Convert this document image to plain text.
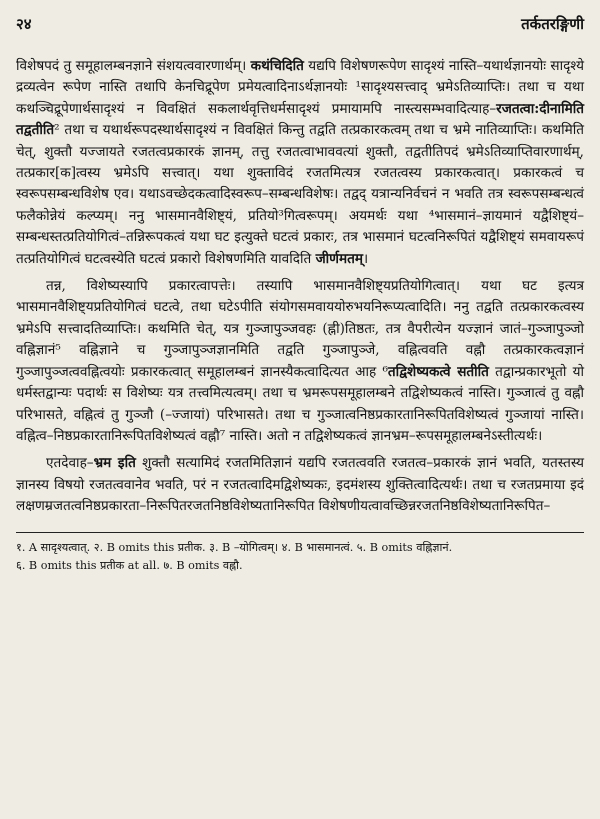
२४	तर्कतरङ्गिणी

विशेषपदं तु समूहालम्बनज्ञाने संशयत्ववारणार्थम्। कथंचिदिति यद्यपि विशेषणरूपेण सादृश्यं नास्ति–यथार्थज्ञानयोः सादृश्ये द्रव्यत्वेन रूपेण नास्ति तथापि केनचिद्रूपेण प्रमेयत्वादिनाऽर्थज्ञानयोः ¹सादृश्यसत्त्वाद् भ्रमेऽतिव्याप्तिः। तथा च यथा कथञ्चिद्रूपेणार्थसादृश्यं न विवक्षितं सकलार्थवृत्तिधर्मसादृश्यं प्रमायामपि नास्त्यसम्भवादित्याह–रजतत्वा:दीनामिति तद्वतीति² तथा च यथार्थरूपदस्थार्थसादृश्यं न विवक्षितं किन्तु तद्वति तत्प्रकारकत्वम् तथा च भ्रमे नातिव्याप्तिः। कथमिति चेत्, शुक्तौ यज्जायते रजतत्वप्रकारकं ज्ञानम्, तत्तु रजतत्वाभाववत्यां शुक्तौ, तद्वतीतिपदं भ्रमेऽतिव्याप्तिवारणार्थम्, तत्प्रकार[क]त्वस्य भ्रमेऽपि सत्त्वात्। यथा शुक्ताविदं रजतमित्यत्र रजतत्वस्य प्रकारकत्वात्। प्रकारकत्वं च स्वरूपसम्बन्धविशेष एव। यथाऽवच्छेदकत्वादिस्वरूप–सम्बन्धविशेषः। तद्वद् यत्रान्यनिर्वचनं न भवति तत्र स्वरूपसम्बन्धत्वं फलैकोन्नेयं कल्प्यम्। ननु भासमानवैशिष्ट्यं, प्रतियो³गित्वरूपम्। अयमर्थः यथा ⁴भासमानं–ज्ञायमानं यद्वैशिष्ट्यं–सम्बन्धस्तत्प्रतियोगित्वं–तन्निरूपकत्वं यथा घट इत्युक्ते घटत्वं प्रकारः, तत्र भासमानं घटत्वनिरूपितं यद्वैशिष्ट्यं समवायरूपं तत्प्रतियोगित्वं घटत्वस्येति घटत्वं प्रकारो विशेषणमिति यावदिति जीर्णमतम्।

तन्न, विशेष्यस्यापि प्रकारत्वापत्तेः। तस्यापि भासमानवैशिष्ट्यप्रतियोगित्वात्। यथा घट इत्यत्र भासमानवैशिष्ट्यप्रतियोगित्वं घटत्वे, तथा घटेऽपीति संयोगसमवाययोरुभयनिरूप्यत्वादिति। ननु तद्वति तत्प्रकारकत्वस्य भ्रमेऽपि सत्त्वादतिव्याप्तिः। कथमिति चेत्, यत्र गुञ्जापुञ्जवहः (ह्नी)तिष्ठतः, तत्र वैपरीत्येन यज्ज्ञानं जातं–गुञ्जापुञ्जो वह्निज्ञानं⁵ वह्निज्ञाने च गुञ्जापुञ्जज्ञानमिति तद्वति गुञ्जापुञ्जे, वह्नित्ववति वह्नौ तत्प्रकारकत्वज्ञानं गुञ्जापुञ्जत्ववह्नित्वयोः प्रकारकत्वात् समूहालम्बनं ज्ञानस्यैकत्वादित्यत आह ⁶तद्विशेष्यकत्वे सतीति तद्वान्प्रकारभूतो यो धर्मस्तद्वान्यः पदार्थः स विशेष्यः यत्र तत्त्वमित्यत्वम्। तथा च भ्रमरूपसमूहालम्बने तद्विशेष्यकत्वं नास्ति। गुञ्जात्वं तु वह्नौ परिभासते, वह्नित्वं तु गुञ्जौ (–ज्जायां) परिभासते। तथा च गुञ्जात्वनिष्ठप्रकारतानिरूपितविशेष्यत्वं गुञ्जायां नास्ति। वह्नित्व–निष्ठप्रकारतानिरूपितविशेष्यत्वं वह्नौ⁷ नास्ति। अतो न तद्विशेष्यकत्वं ज्ञानभ्रम–रूपसमूहालम्बनेऽस्तीत्यर्थः।

एतदेवाह–भ्रम इति शुक्तौ सत्यामिदं रजतमितिज्ञानं यद्यपि रजतत्ववति रजतत्व–प्रकारकं ज्ञानं भवति, यतस्तस्य ज्ञानस्य विषयो रजतत्ववानेव भवति, परं न रजतत्वादिमद्विशेष्यकः, इदमंशस्य शुक्तित्वादित्यर्थः। तथा च रजतप्रमाया इदं लक्षणम्रजतत्वनिष्ठप्रकारता–निरूपितरजतनिष्ठविशेष्यतानिरूपित विशेषणीयत्वावच्छिन्नरजतनिष्ठविशेष्यतानिरूपित–

१. A सादृश्यत्वात्. २. B omits this प्रतीक. ३. B –योगित्वम्। ४. B भासमानत्वं. ५. B omits वह्निज्ञानं.

६. B omits this प्रतीक at all. ७. B omits वह्नौ.
